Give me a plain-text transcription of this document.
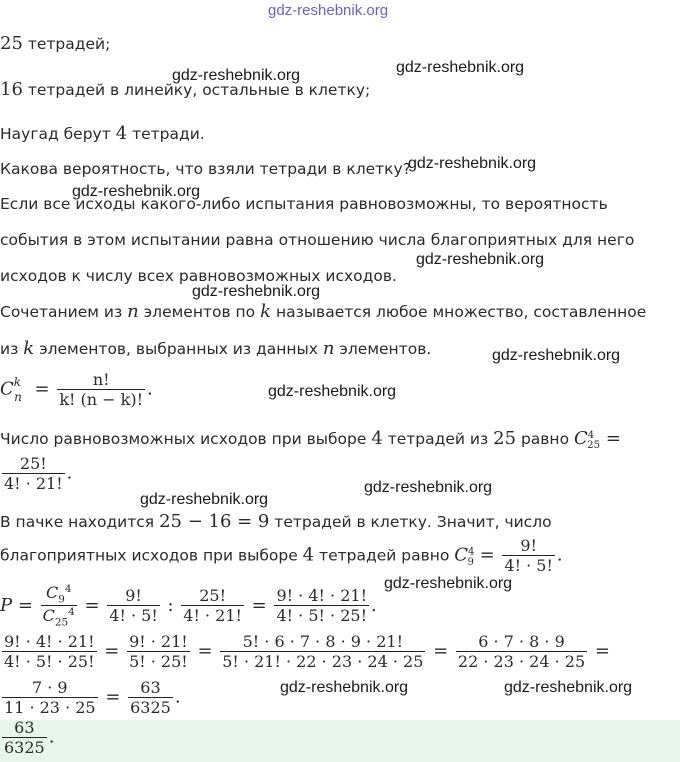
gdz-reshebnik.org
gdz-reshebnik.org	gdz-reshebnik.org
gdz-reshebnik.org
gdz-reshebnik.org
gdz-reshebnik.org
gdz-reshebnik.org
gdz-reshebnik.org
gdz-reshebnik.org
gdz-reshebnik.org
gdz-reshebnik.org
gdz-reshebnik.org
gdz-reshebnik.org	gdz-reshebnik.org
25 тетрадей;
16 тетрадей в линейку, остальные в клетку;
Наугад берут 4 тетради.
Какова вероятность, что взяли тетради в клетку?
Если все исходы какого-либо испытания равновозможны, то вероятность
события в этом испытании равна отношению числа благоприятных для него
исходов к числу всех равновозможных исходов.
Сочетанием из n элементов по k называется любое множество, составленное
из k элементов, выбранных из данных n элементов.
$C^k_n = \frac{n!}{k! (n - k)!}$ .
Число равновозможных исходов при выборе 4 тетрадей из 25 равно $C^4_{25}$ =
$\frac{25!}{4! \cdot 21!}$ .
В пачке находится 25 − 16 = 9 тетрадей в клетку. Значит, число
благоприятных исходов при выборе 4 тетрадей равно $C^4_9 = \frac{9!}{4! \cdot 5!}$ .
$P = \frac{C_9^4}{C_{25}^4} = \frac{9!}{4! \cdot 5!}$ : $\frac{25!}{4! \cdot 21!} = \frac{9! \cdot 4! \cdot 21!}{4! \cdot 5! \cdot 25!}$ .
$\frac{9! \cdot 4! \cdot 21!}{4! \cdot 5! \cdot 25!} = \frac{9! \cdot 21!}{5! \cdot 25!} = \frac{5! \cdot 6 \cdot 7 \cdot 8 \cdot 9 \cdot 21!}{5! \cdot 21! \cdot 22 \cdot 23 \cdot 24 \cdot 25} = \frac{6 \cdot 7 \cdot 8 \cdot 9}{22 \cdot 23 \cdot 24 \cdot 25}$ =
$\frac{7 \cdot 9}{11 \cdot 23 \cdot 25} = \frac{63}{6325}$ .
$\frac{63}{6325}$ .
